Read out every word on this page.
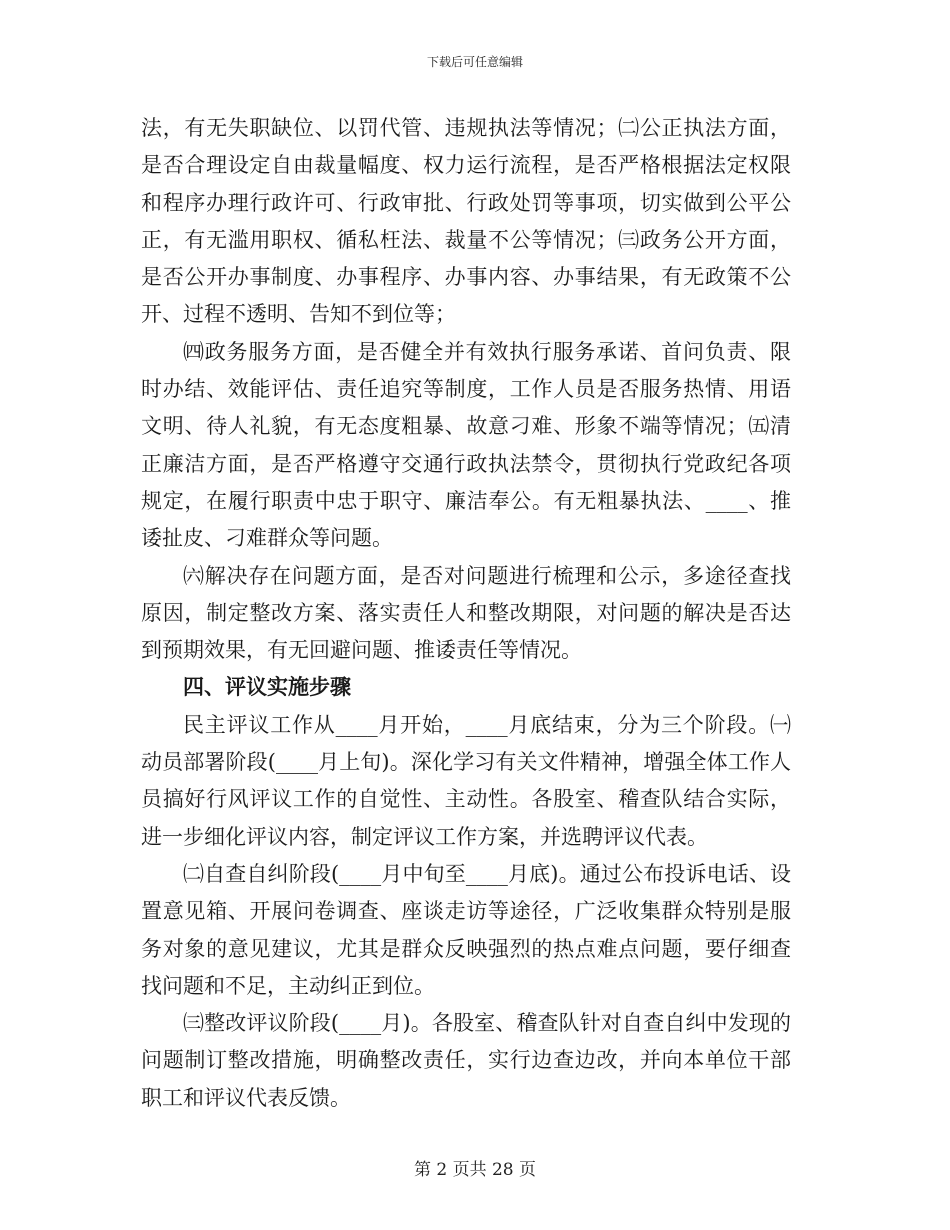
下载后可任意编辑

法，有无失职缺位、以罚代管、违规执法等情况；㈡公正执法方面，是否合理设定自由裁量幅度、权力运行流程，是否严格根据法定权限和程序办理行政许可、行政审批、行政处罚等事项，切实做到公平公正，有无滥用职权、循私枉法、裁量不公等情况；㈢政务公开方面，是否公开办事制度、办事程序、办事内容、办事结果，有无政策不公开、过程不透明、告知不到位等；

㈣政务服务方面，是否健全并有效执行服务承诺、首问负责、限时办结、效能评估、责任追究等制度，工作人员是否服务热情、用语文明、待人礼貌，有无态度粗暴、故意刁难、形象不端等情况；㈤清正廉洁方面，是否严格遵守交通行政执法禁令，贯彻执行党政纪各项规定，在履行职责中忠于职守、廉洁奉公。有无粗暴执法、____、推诿扯皮、刁难群众等问题。

㈥解决存在问题方面，是否对问题进行梳理和公示，多途径查找原因，制定整改方案、落实责任人和整改期限，对问题的解决是否达到预期效果，有无回避问题、推诿责任等情况。

四、评议实施步骤

民主评议工作从____月开始，____月底结束，分为三个阶段。㈠动员部署阶段(____月上旬)。深化学习有关文件精神，增强全体工作人员搞好行风评议工作的自觉性、主动性。各股室、稽查队结合实际，进一步细化评议内容，制定评议工作方案，并选聘评议代表。

㈡自查自纠阶段(____月中旬至____月底)。通过公布投诉电话、设置意见箱、开展问卷调查、座谈走访等途径，广泛收集群众特别是服务对象的意见建议，尤其是群众反映强烈的热点难点问题，要仔细查找问题和不足，主动纠正到位。

㈢整改评议阶段(____月)。各股室、稽查队针对自查自纠中发现的问题制订整改措施，明确整改责任，实行边查边改，并向本单位干部职工和评议代表反馈。

第 2 页共 28 页
